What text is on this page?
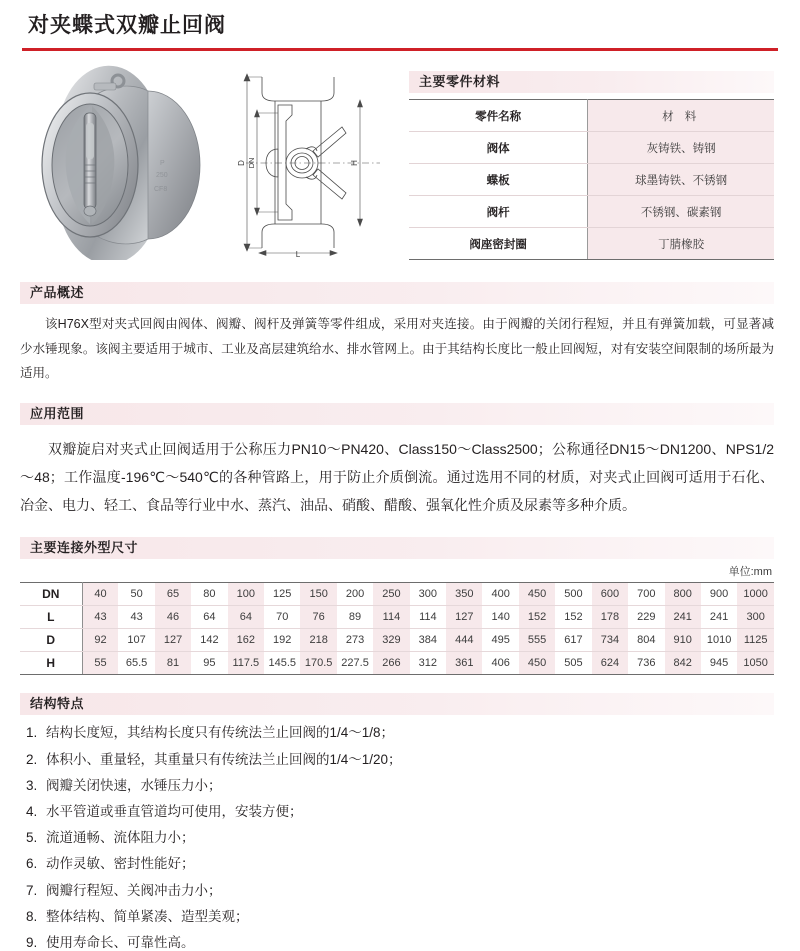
对夹蝶式双瓣止回阀
P
250
CF8
D DN	H
L
主要零件材料
零件名称	材 料
阀体	灰铸铁、铸钢
蝶板	球墨铸铁、不锈钢
阀杆	不锈钢、碳素钢
阀座密封圈	丁腈橡胶
产品概述

该H76X型对夹式回阀由阀体、阀瓣、阀杆及弹簧等零件组成，采用对夹连接。由于阀瓣的关闭行程短，并且有弹簧加载，可显著减少水锤现象。该阀主要适用于城市、工业及高层建筑给水、排水管网上。由于其结构长度比一般止回阀短，对有安装空间限制的场所最为适用。

应用范围

双瓣旋启对夹式止回阀适用于公称压力PN10～PN420、Class150～Class2500；公称通径DN15～DN1200、NPS1/2～48；工作温度-196℃～540℃的各种管路上，用于防止介质倒流。通过选用不同的材质，对夹式止回阀可适用于石化、冶金、电力、轻工、食品等行业中水、蒸汽、油品、硝酸、醋酸、强氧化性介质及尿素等多种介质。

主要连接外型尺寸
单位:mm
DN	40	50	65	80	100	125	150	200	250	300	350	400	450	500	600	700	800	900	1000
L	43	43	46	64	64	70	76	89	114	114	127	140	152	152	178	229	241	241	300
D	92	107	127	142	162	192	218	273	329	384	444	495	555	617	734	804	910	1010	1125
H	55	65.5	81	95	117.5	145.5	170.5	227.5	266	312	361	406	450	505	624	736	842	945	1050
结构特点
1. 结构长度短，其结构长度只有传统法兰止回阀的1/4～1/8；
2. 体积小、重量轻，其重量只有传统法兰止回阀的1/4～1/20；
3. 阀瓣关闭快速，水锤压力小；
4. 水平管道或垂直管道均可使用，安装方便；
5. 流道通畅、流体阻力小；
6. 动作灵敏、密封性能好；
7. 阀瓣行程短、关阀冲击力小；
8. 整体结构、简单紧凑、造型美观；
9. 使用寿命长、可靠性高。
